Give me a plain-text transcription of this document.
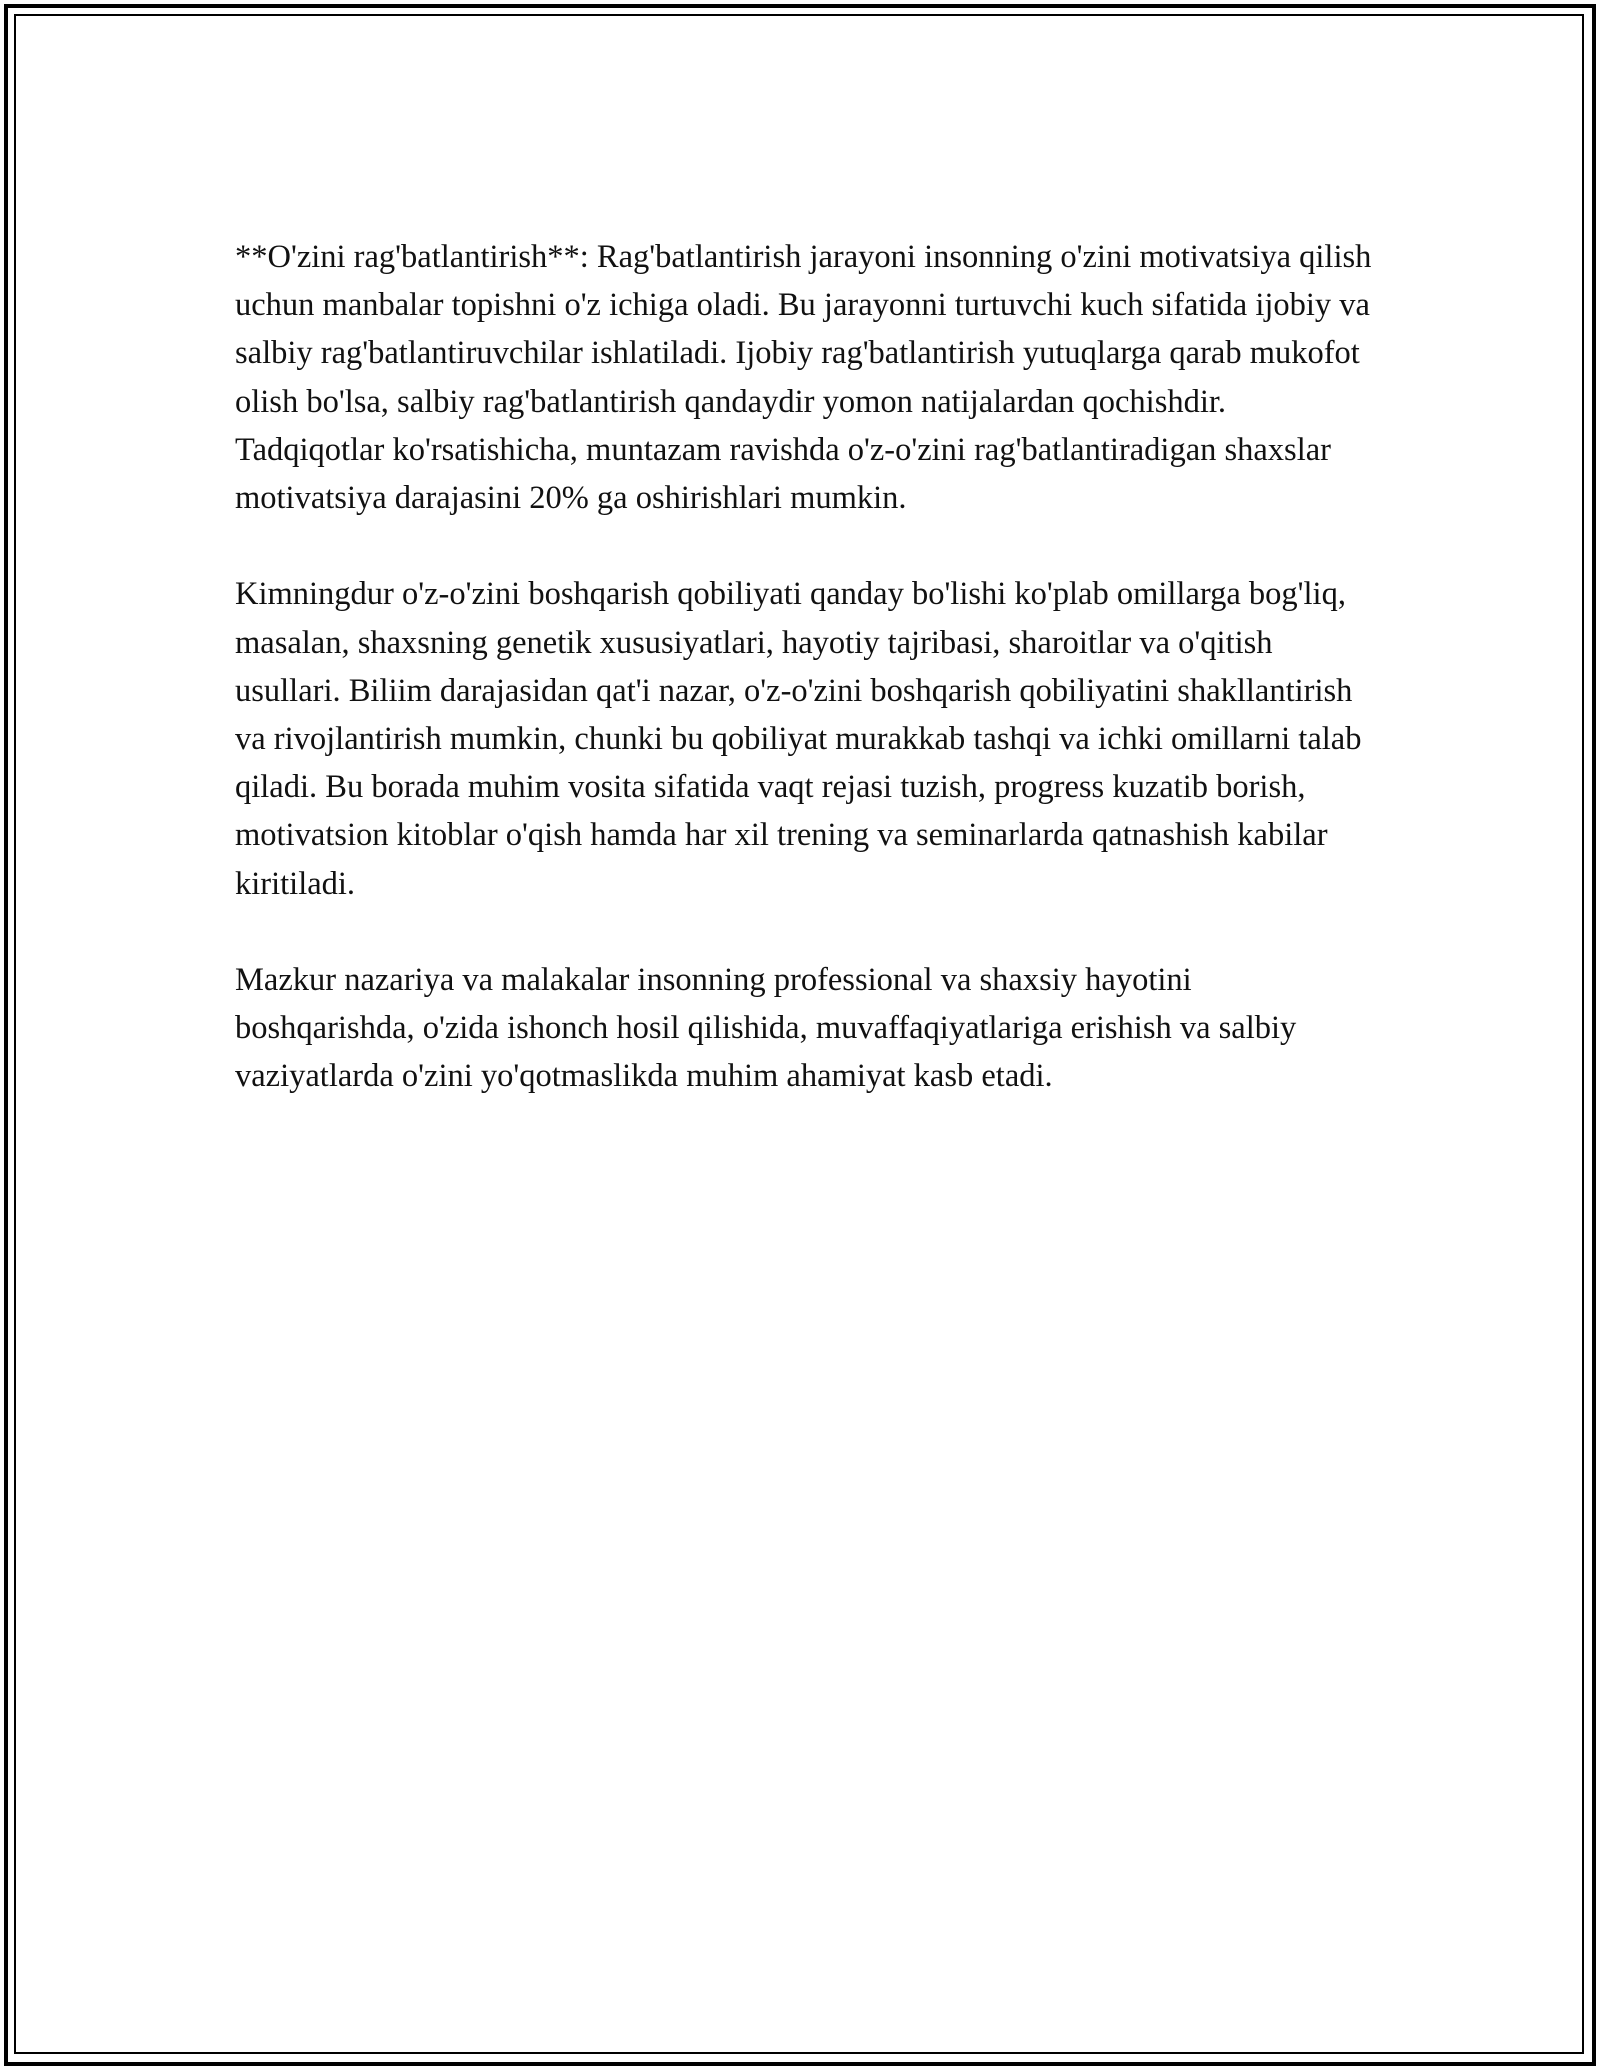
**O'zini rag'batlantirish**: Rag'batlantirish jarayoni insonning o'zini motivatsiya qilish uchun manbalar topishni o'z ichiga oladi. Bu jarayonni turtuvchi kuch sifatida ijobiy va salbiy rag'batlantiruvchilar ishlatiladi. Ijobiy rag'batlantirish yutuqlarga qarab mukofot olish bo'lsa, salbiy rag'batlantirish qandaydir yomon natijalardan qochishdir. Tadqiqotlar ko'rsatishicha, muntazam ravishda o'z-o'zini rag'batlantiradigan shaxslar motivatsiya darajasini 20% ga oshirishlari mumkin.

Kimningdur o'z-o'zini boshqarish qobiliyati qanday bo'lishi ko'plab omillarga bog'liq, masalan, shaxsning genetik xususiyatlari, hayotiy tajribasi, sharoitlar va o'qitish usullari. Biliim darajasidan qat'i nazar, o'z-o'zini boshqarish qobiliyatini shakllantirish va rivojlantirish mumkin, chunki bu qobiliyat murakkab tashqi va ichki omillarni talab qiladi. Bu borada muhim vosita sifatida vaqt rejasi tuzish, progress kuzatib borish, motivatsion kitoblar o'qish hamda har xil trening va seminarlarda qatnashish kabilar kiritiladi.

Mazkur nazariya va malakalar insonning professional va shaxsiy hayotini boshqarishda, o'zida ishonch hosil qilishida, muvaffaqiyatlariga erishish va salbiy vaziyatlarda o'zini yo'qotmaslikda muhim ahamiyat kasb etadi.
